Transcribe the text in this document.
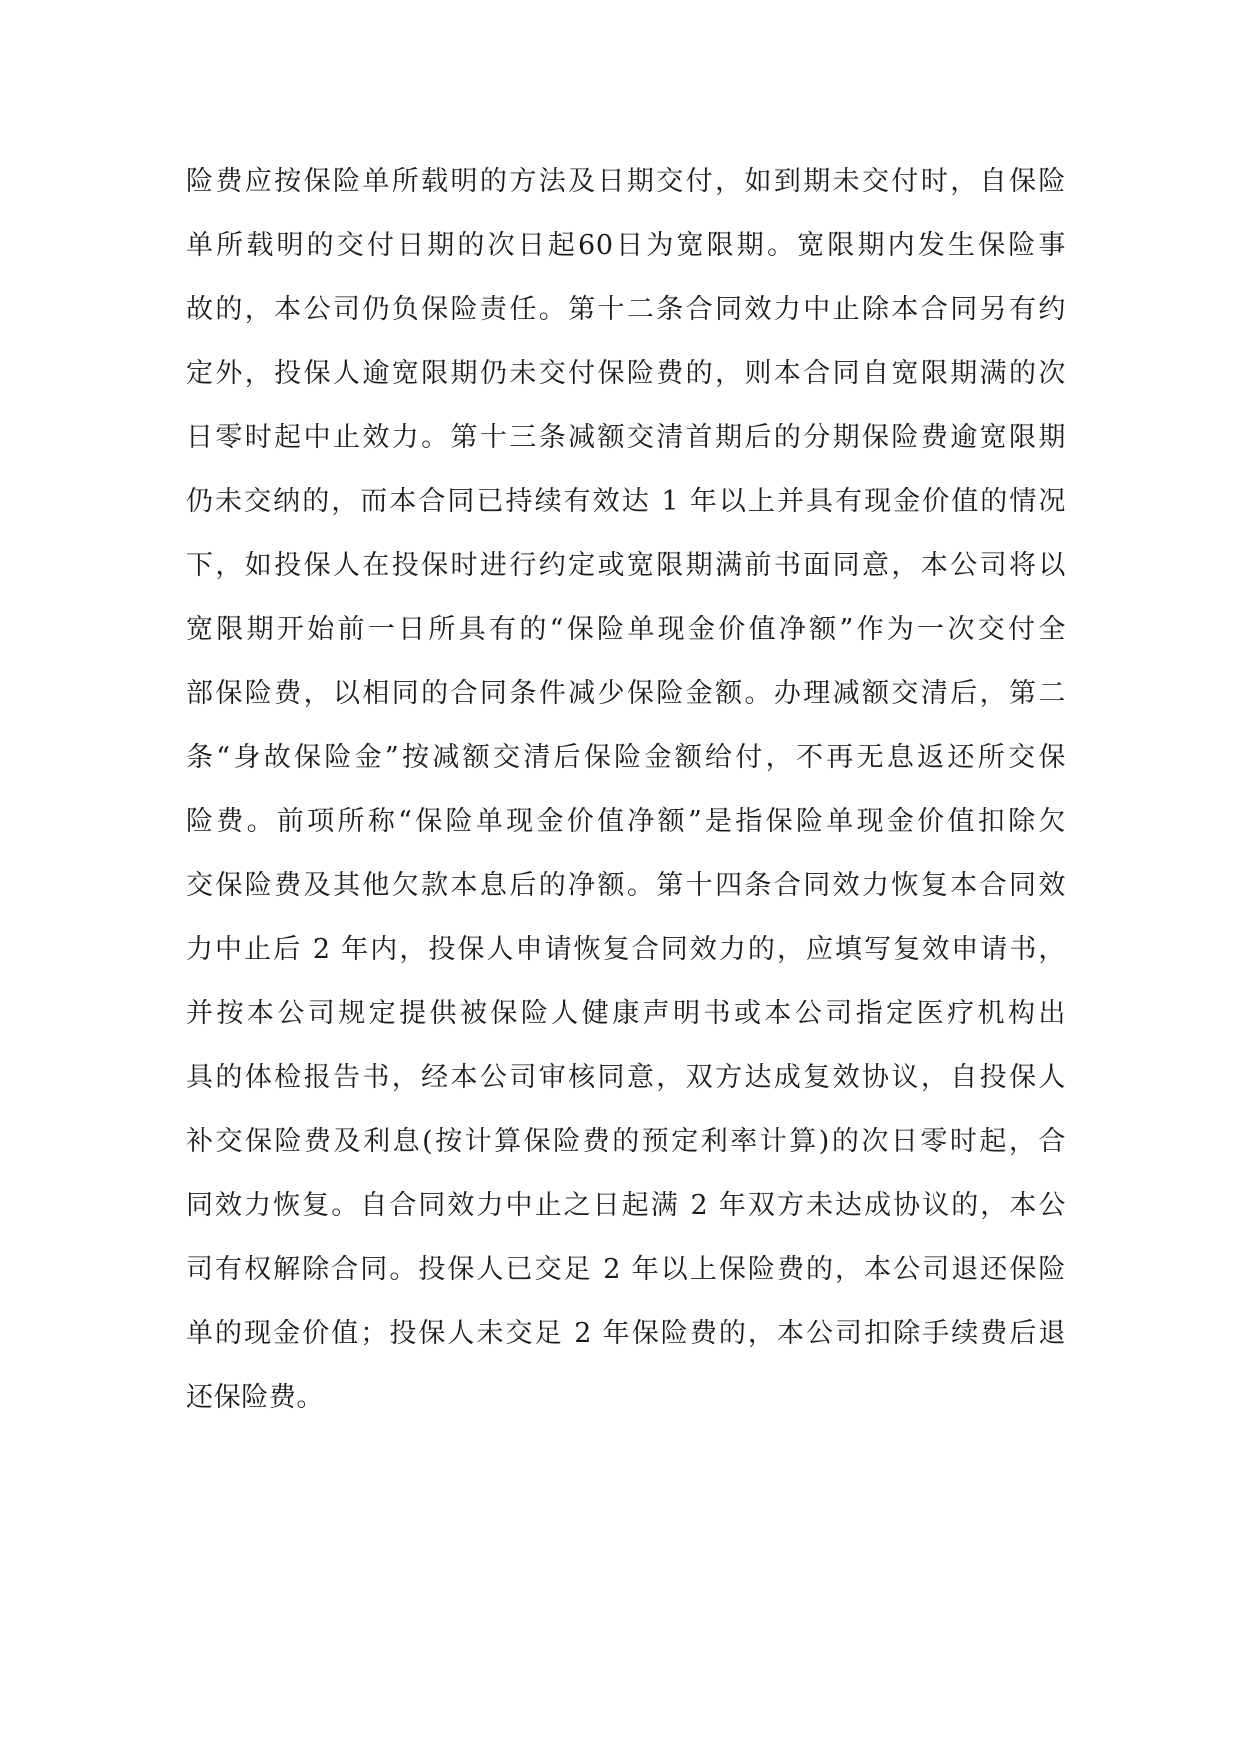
险费应按保险单所载明的方法及日期交付，如到期未交付时，自保险
单所载明的交付日期的次日起60日为宽限期。宽限期内发生保险事
故的，本公司仍负保险责任。第十二条合同效力中止除本合同另有约
定外，投保人逾宽限期仍未交付保险费的，则本合同自宽限期满的次
日零时起中止效力。第十三条减额交清首期后的分期保险费逾宽限期
仍未交纳的，而本合同已持续有效达 1 年以上并具有现金价值的情况
下，如投保人在投保时进行约定或宽限期满前书面同意，本公司将以
宽限期开始前一日所具有的“保险单现金价值净额”作为一次交付全
部保险费，以相同的合同条件减少保险金额。办理减额交清后，第二
条“身故保险金”按减额交清后保险金额给付，不再无息返还所交保
险费。前项所称“保险单现金价值净额”是指保险单现金价值扣除欠
交保险费及其他欠款本息后的净额。第十四条合同效力恢复本合同效
力中止后 2 年内，投保人申请恢复合同效力的，应填写复效申请书，
并按本公司规定提供被保险人健康声明书或本公司指定医疗机构出
具的体检报告书，经本公司审核同意，双方达成复效协议，自投保人
补交保险费及利息(按计算保险费的预定利率计算)的次日零时起，合
同效力恢复。自合同效力中止之日起满 2 年双方未达成协议的，本公
司有权解除合同。投保人已交足 2 年以上保险费的，本公司退还保险
单的现金价值；投保人未交足 2 年保险费的，本公司扣除手续费后退
还保险费。
